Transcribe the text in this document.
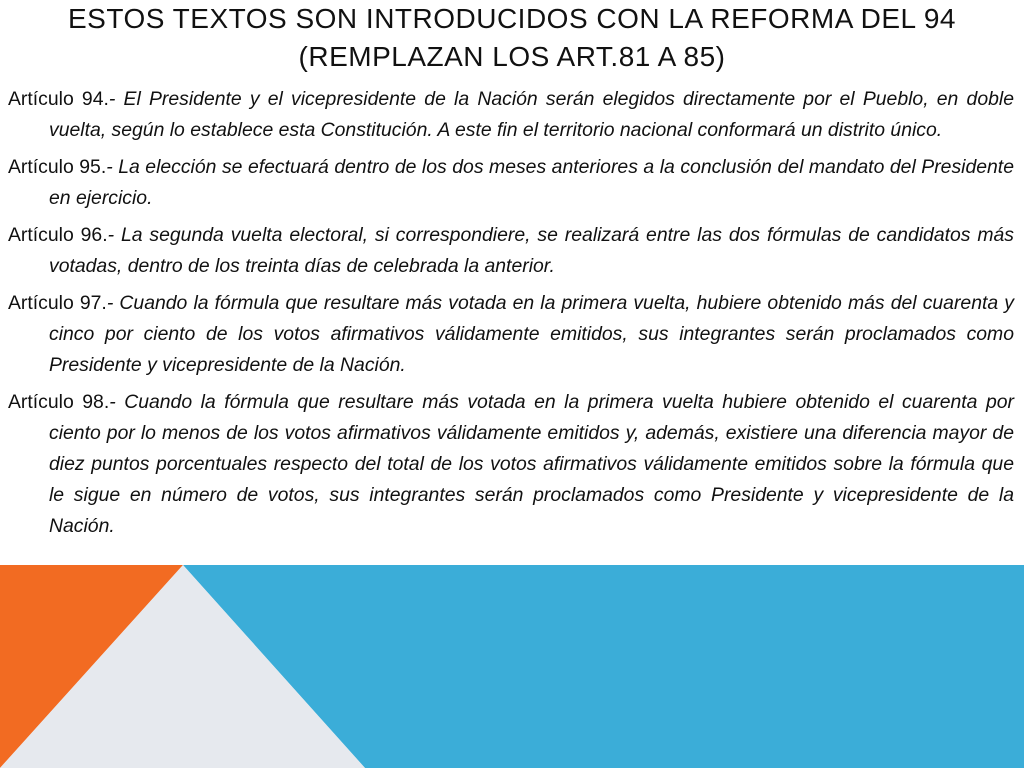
ESTOS TEXTOS SON INTRODUCIDOS CON LA REFORMA DEL 94
(REMPLAZAN LOS ART.81 A 85)

Artículo 94.- El Presidente y el vicepresidente de la Nación serán elegidos directamente por el Pueblo, en doble vuelta, según lo establece esta Constitución. A este fin el territorio nacional conformará un distrito único.

Artículo 95.- La elección se efectuará dentro de los dos meses anteriores a la conclusión del mandato del Presidente en ejercicio.

Artículo 96.- La segunda vuelta electoral, si correspondiere, se realizará entre las dos fórmulas de candidatos más votadas, dentro de los treinta días de celebrada la anterior.

Artículo 97.- Cuando la fórmula que resultare más votada en la primera vuelta, hubiere obtenido más del cuarenta y cinco por ciento de los votos afirmativos válidamente emitidos, sus integrantes serán proclamados como Presidente y vicepresidente de la Nación.

Artículo 98.- Cuando la fórmula que resultare más votada en la primera vuelta hubiere obtenido el cuarenta por ciento por lo menos de los votos afirmativos válidamente emitidos y, además, existiere una diferencia mayor de diez puntos porcentuales respecto del total de los votos afirmativos válidamente emitidos sobre la fórmula que le sigue en número de votos, sus integrantes serán proclamados como Presidente y vicepresidente de la Nación.
